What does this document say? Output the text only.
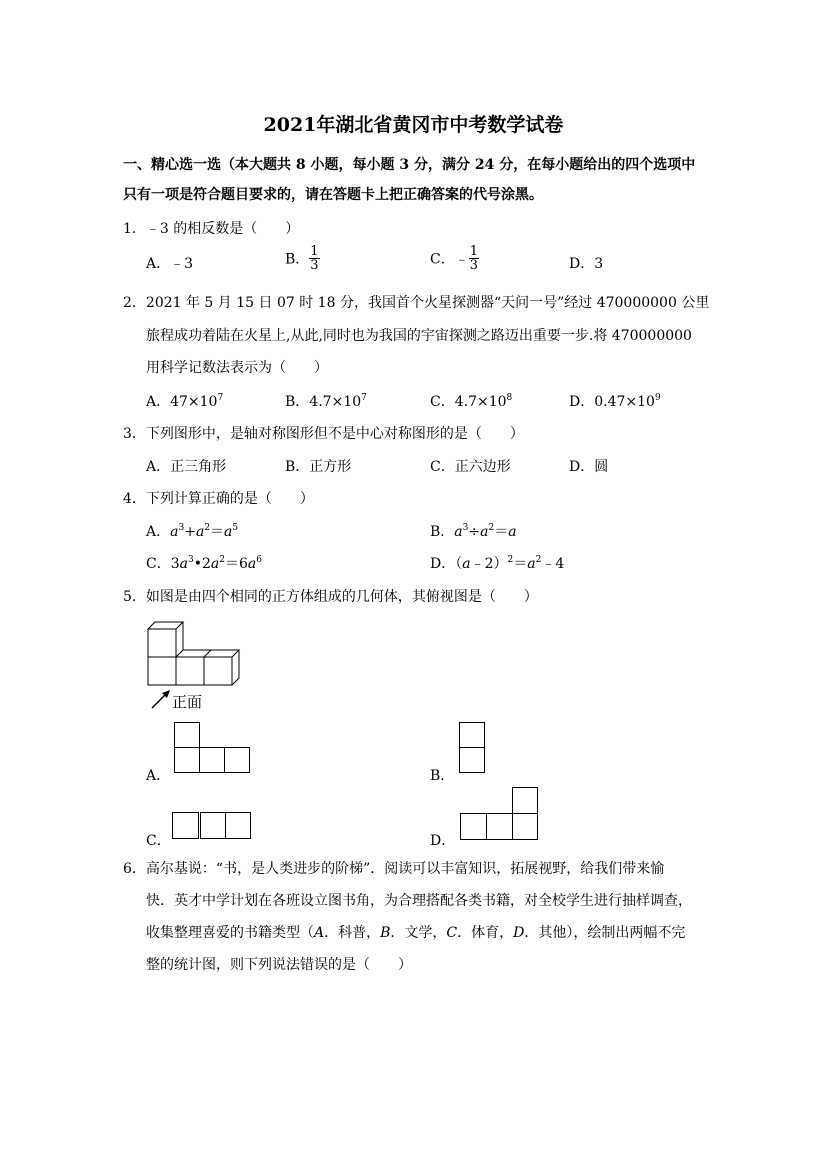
2021年湖北省黄冈市中考数学试卷
一、精心选一选（本大题共 8 小题，每小题 3 分，满分 24 分，在每小题给出的四个选项中
只有一项是符合题目要求的，请在答题卡上把正确答案的代号涂黑。
1．﹣3 的相反数是（　　）
A．﹣3	B． $\frac{1}{3}$	C．﹣ $\frac{1}{3}$	D．3
2．2021 年 5 月 15 日 07 时 18 分，我国首个火星探测器“天问一号”经过 470000000 公里
旅程成功着陆在火星上,从此,同时也为我国的宇宙探测之路迈出重要一步.将 470000000
用科学记数法表示为（　　）
A．$47\times 10^7$	B．$4.7\times 10^7$	C．$4.7\times 10^8$	D．$0.47\times 10^9$
3．下列图形中，是轴对称图形但不是中心对称图形的是（　　）
A．正三角形	B．正方形	C．正六边形	D．圆
4．下列计算正确的是（　　）
A．$a^3+a^2=a^5$	B．$a^3\div a^2=a$
C．$3a^3•2a^2=6a^6$	D．$(a﹣2)^2=a^2﹣4$
5．如图是由四个相同的正方体组成的几何体，其俯视图是（　　）
正面
A．	B．
C．	D．
6．高尔基说：“书，是人类进步的阶梯”．阅读可以丰富知识，拓展视野，给我们带来愉
快．英才中学计划在各班设立图书角，为合理搭配各类书籍，对全校学生进行抽样调查，
收集整理喜爱的书籍类型（A．科普，B．文学，C．体育，D．其他），绘制出两幅不完
整的统计图，则下列说法错误的是（　　）
